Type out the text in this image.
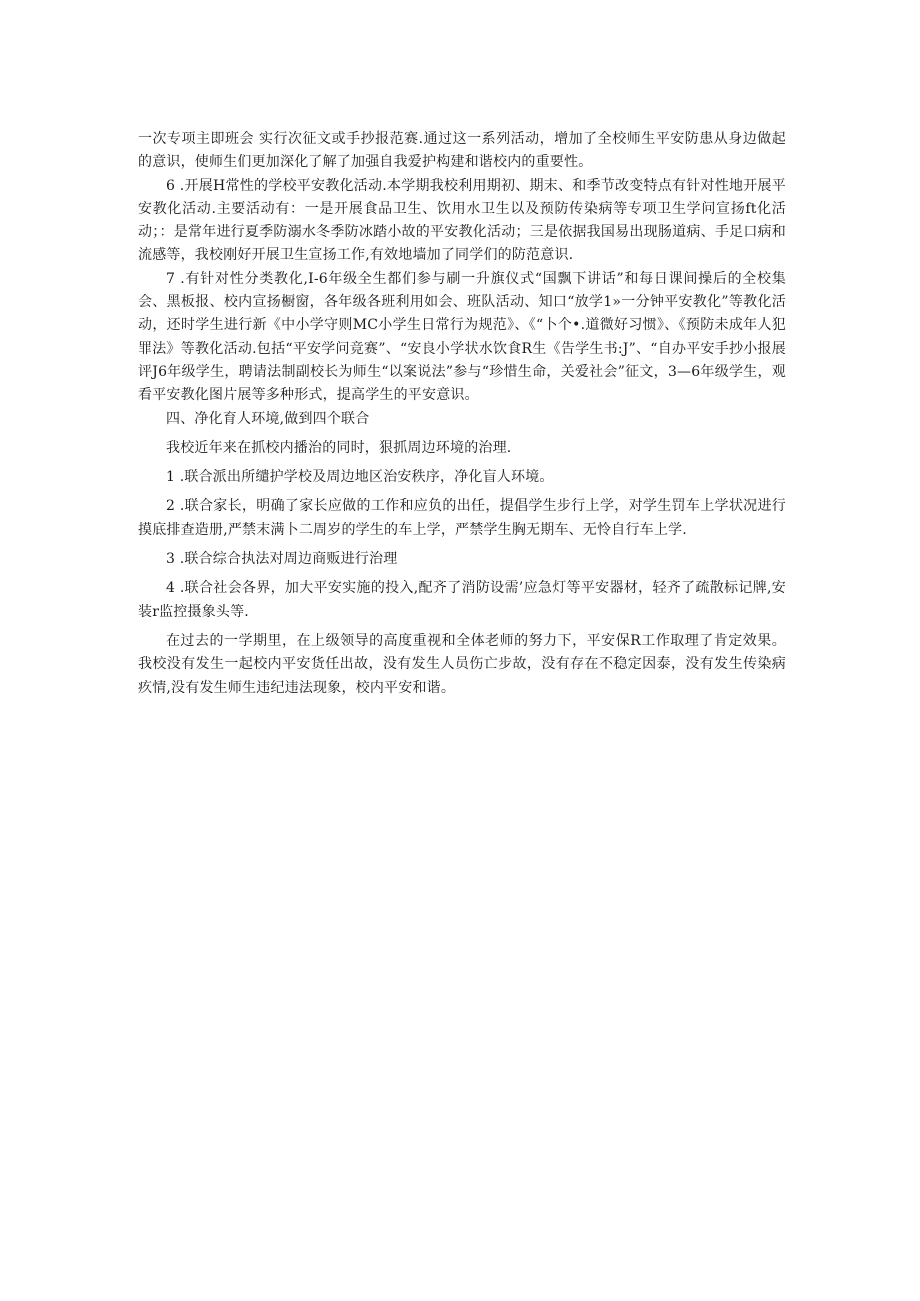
一次专项主即班会 实行次征文或手抄报范赛.通过这一系列活动，增加了全校师生平安防患从身边做起的意识，使师生们更加深化了解了加强自我爱护构建和谐校内的重要性。

6 .开展H常性的学校平安教化活动.本学期我校利用期初、期末、和季节改变特点有针对性地开展平安教化活动.主要活动有：一是开展食品卫生、饮用水卫生以及预防传染病等专项卫生学问宣扬ft化活动；：是常年进行夏季防溺水冬季防冰踏小故的平安教化活动；三是依据我国易出现肠道病、手足口病和流感等，我校刚好开展卫生宣扬工作,有效地墙加了同学们的防范意识.

7 .有针对性分类教化,I-6年级全生都们参与刷一升旗仪式“国飘下讲话”和每日课间操后的全校集会、黑板报、校内宣扬橱窗，各年级各班利用如会、班队活动、知口“放学1»一分钟平安教化”等教化活动，还时学生进行新《中小学守则MC小学生日常行为规范》、《“卜个•.道微好习惯》、《预防未成年人犯罪法》等教化活动.包括“平安学问竞赛”、“安良小学状水饮食R生《告学生书:J”、“自办平安手抄小报展评J6年级学生，聘请法制副校长为师生“以案说法”参与“珍惜生命，关爱社会”征文，3—6年级学生，观看平安教化图片展等多种形式，提高学生的平安意识。

四、净化育人环境,做到四个联合

我校近年来在抓校内播治的同时，狠抓周边环境的治理.

1 .联合派出所缱护学校及周边地区治安秩序，净化盲人环境。

2 .联合家长，明确了家长应做的工作和应负的出任，提倡学生步行上学，对学生罚车上学状况进行摸底排查造册,严禁末满卜二周岁的学生的车上学，严禁学生胸无期车、无怜自行车上学.

3 .联合综合执法对周边商贩进行治理

4 .联合社会各界，加大平安实施的投入,配齐了消防设需’应急灯等平安器材，轻齐了疏散标记牌,安装r监控摄象头等.

在过去的一学期里，在上级领导的高度重视和全体老师的努力下，平安保R工作取理了肯定效果。我校没有发生一起校内平安货任出故，没有发生人员伤亡步故，没有存在不稳定因泰，没有发生传染病疚情,没有发生师生违纪违法现象，校内平安和谐。
